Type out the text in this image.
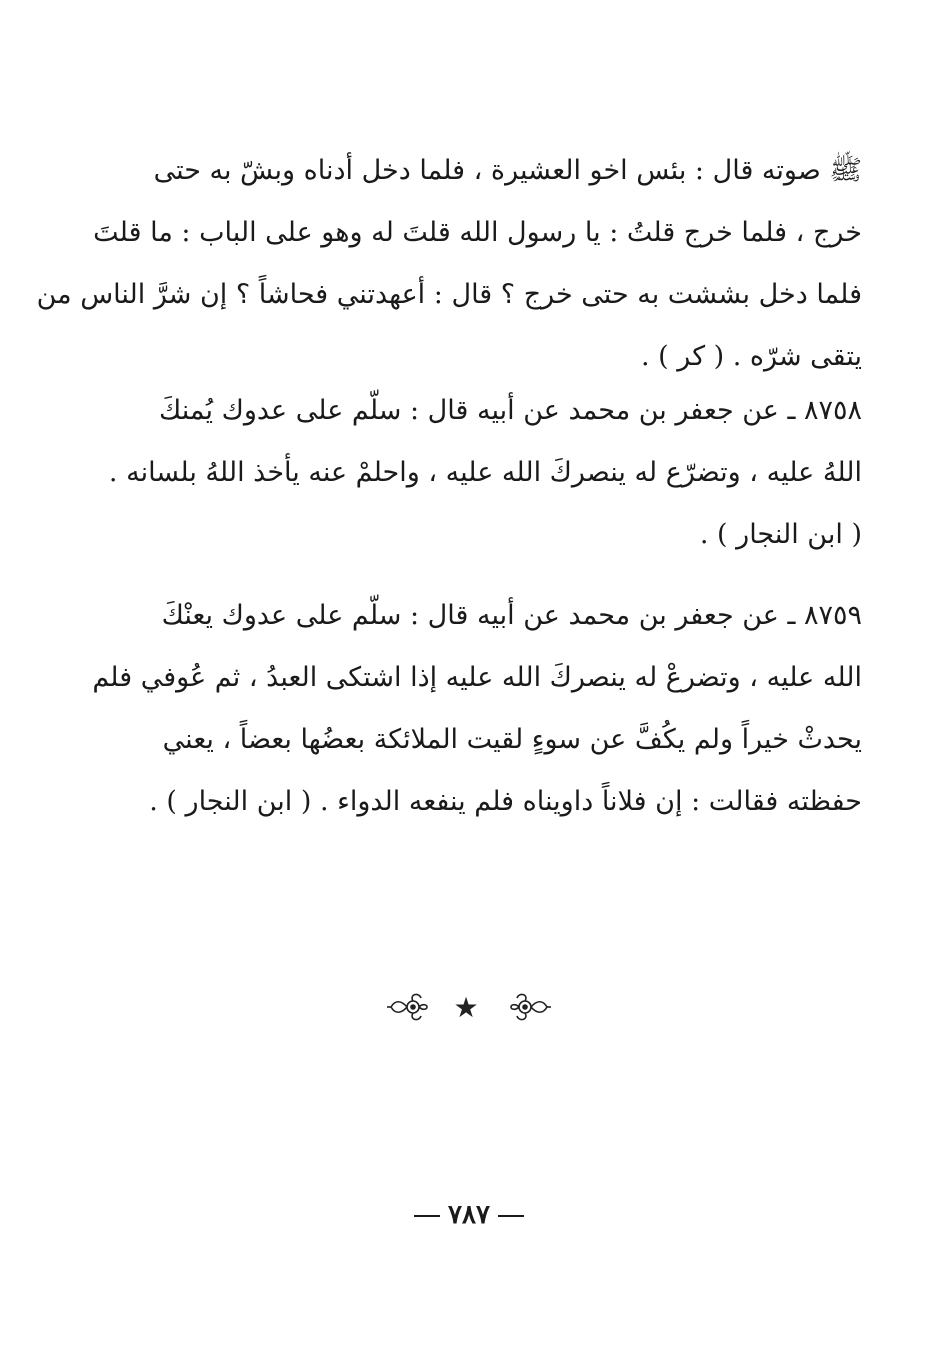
ﷺ صوته قال : بئس اخو العشيرة ، فلما دخل أدناه وبشّ به حتى
خرج ، فلما خرج قلتُ : يا رسول الله قلتَ له وهو على الباب : ما قلتَ
فلما دخل بششت به حتى خرج ؟ قال : أعهدتني فحاشاً ؟ إن شرَّ الناس من
يتقى شرّه . ( كر ) .
٨٧٥٨ ـ عن جعفر بن محمد عن أبيه قال : سلّم على عدوك يُمنكَ
اللهُ عليه ، وتضرّع له ينصركَ الله عليه ، واحلمْ عنه يأخذ اللهُ بلسانه .
( ابن النجار ) .
٨٧٥٩ ـ عن جعفر بن محمد عن أبيه قال : سلّم على عدوك يعنْكَ
الله عليه ، وتضرعْ له ينصركَ الله عليه إذا اشتكى العبدُ ، ثم عُوفي فلم
يحدثْ خيراً ولم يكُفَّ عن سوءٍ لقيت الملائكة بعضُها بعضاً ، يعني
حفظته فقالت : إن فلاناً داويناه فلم ينفعه الدواء . ( ابن النجار ) .
★
٧٨٧
